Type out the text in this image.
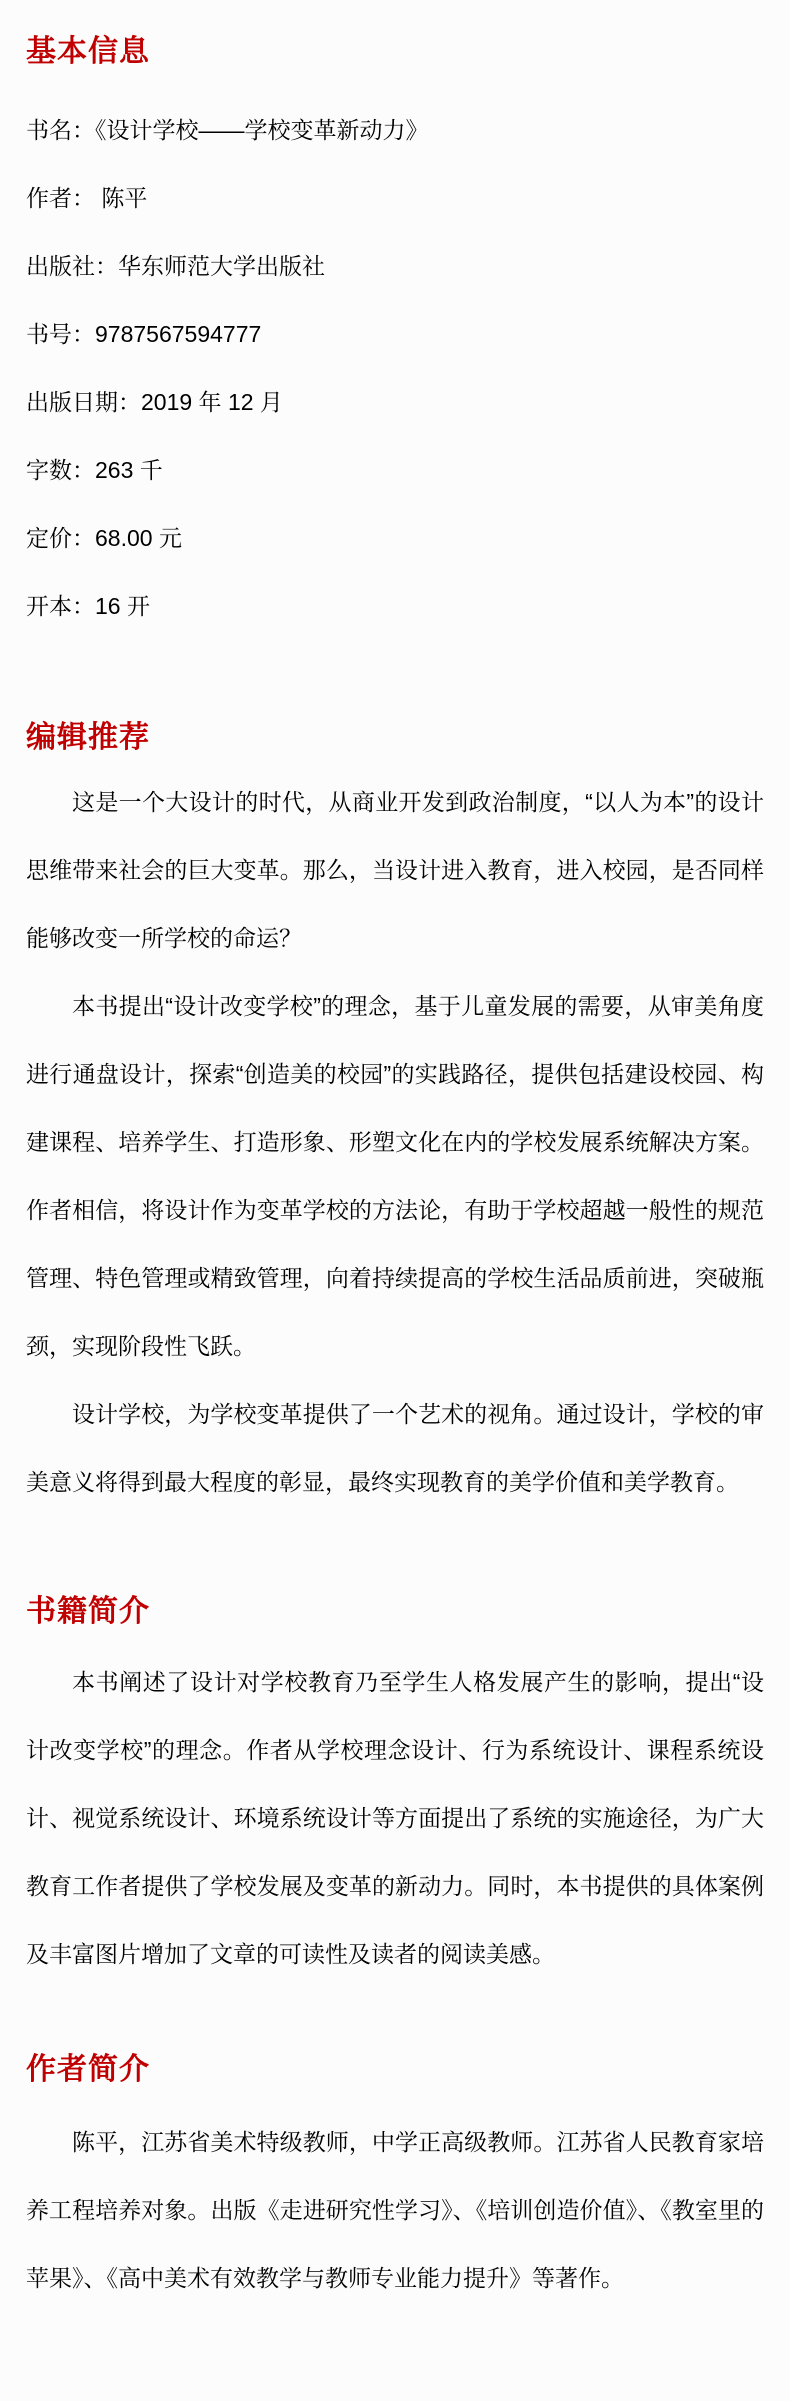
基本信息

书名：《设计学校——学校变革新动力》

作者： 陈平

出版社：华东师范大学出版社

书号：9787567594777

出版日期：2019 年 12 月

字数：263 千

定价：68.00 元

开本：16 开

编辑推荐

这是一个大设计的时代，从商业开发到政治制度，“以人为本”的设计思维带来社会的巨大变革。那么，当设计进入教育，进入校园，是否同样能够改变一所学校的命运？

本书提出“设计改变学校”的理念，基于儿童发展的需要，从审美角度进行通盘设计，探索“创造美的校园”的实践路径，提供包括建设校园、构建课程、培养学生、打造形象、形塑文化在内的学校发展系统解决方案。作者相信，将设计作为变革学校的方法论，有助于学校超越一般性的规范管理、特色管理或精致管理，向着持续提高的学校生活品质前进，突破瓶颈，实现阶段性飞跃。

设计学校，为学校变革提供了一个艺术的视角。通过设计，学校的审美意义将得到最大程度的彰显，最终实现教育的美学价值和美学教育。

书籍简介

本书阐述了设计对学校教育乃至学生人格发展产生的影响，提出“设计改变学校”的理念。作者从学校理念设计、行为系统设计、课程系统设计、视觉系统设计、环境系统设计等方面提出了系统的实施途径，为广大教育工作者提供了学校发展及变革的新动力。同时，本书提供的具体案例及丰富图片增加了文章的可读性及读者的阅读美感。

作者简介

陈平，江苏省美术特级教师，中学正高级教师。江苏省人民教育家培养工程培养对象。出版《走进研究性学习》、《培训创造价值》、《教室里的苹果》、《高中美术有效教学与教师专业能力提升》等著作。
